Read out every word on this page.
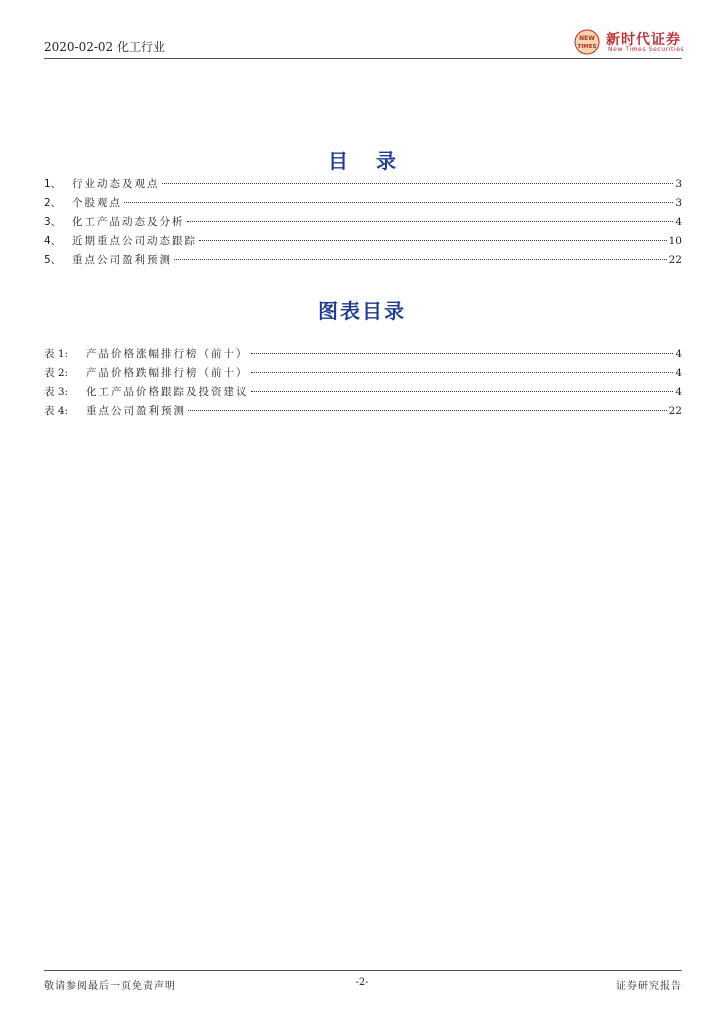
2020-02-02 化工行业
NEW
TIMES 新时代证券
New Times Securities
目录
1、	行业动态及观点	3
2、	个股观点	3
3、	化工产品动态及分析	4
4、	近期重点公司动态跟踪	10
5、	重点公司盈利预测	22
图表目录
表 1:	产品价格涨幅排行榜（前十）	4
表 2:	产品价格跌幅排行榜（前十）	4
表 3:	化工产品价格跟踪及投资建议	4
表 4:	重点公司盈利预测	22
敬请参阅最后一页免责声明	-2-	证券研究报告
